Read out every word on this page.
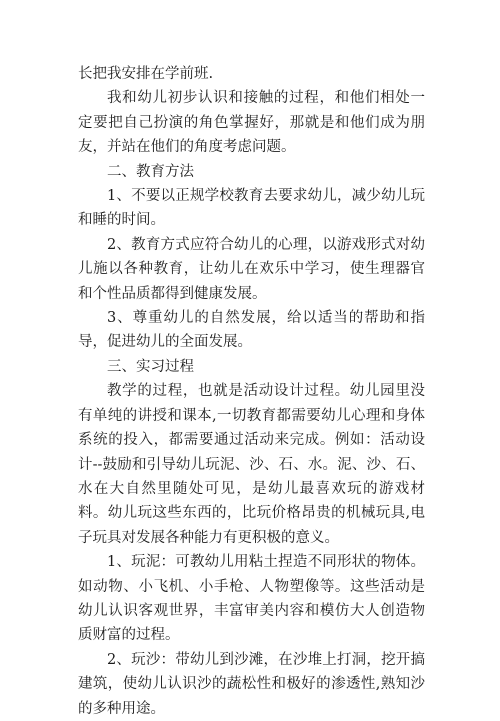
长把我安排在学前班.

我和幼儿初步认识和接触的过程，和他们相处一定要把自己扮演的角色掌握好，那就是和他们成为朋友，并站在他们的角度考虑问题。

二、教育方法

1、不要以正规学校教育去要求幼儿，减少幼儿玩和睡的时间。

2、教育方式应符合幼儿的心理，以游戏形式对幼儿施以各种教育，让幼儿在欢乐中学习，使生理器官和个性品质都得到健康发展。

3、尊重幼儿的自然发展，给以适当的帮助和指导，促进幼儿的全面发展。

三、实习过程

教学的过程，也就是活动设计过程。幼儿园里没有单纯的讲授和课本,一切教育都需要幼儿心理和身体系统的投入，都需要通过活动来完成。例如：活动设计--鼓励和引导幼儿玩泥、沙、石、水。泥、沙、石、水在大自然里随处可见，是幼儿最喜欢玩的游戏材料。幼儿玩这些东西的，比玩价格昂贵的机械玩具,电子玩具对发展各种能力有更积极的意义。

1、玩泥：可教幼儿用粘土捏造不同形状的物体。如动物、小飞机、小手枪、人物塑像等。这些活动是幼儿认识客观世界，丰富审美内容和模仿大人创造物质财富的过程。

2、玩沙：带幼儿到沙滩，在沙堆上打洞，挖开搞建筑，使幼儿认识沙的蔬松性和极好的渗透性,熟知沙的多种用途。
